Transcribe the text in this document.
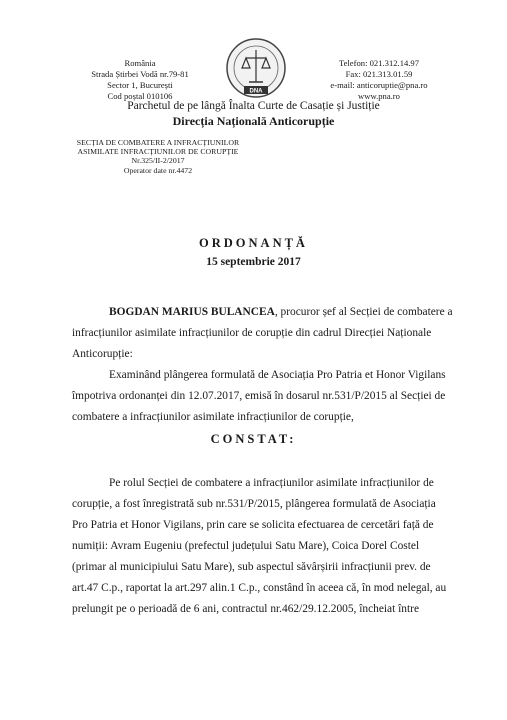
România
Strada Știrbei Vodă nr.79-81
Sector 1, București
Cod poștal 010106	DNA
Telefon: 021.312.14.97
Fax: 021.313.01.59
e-mail: anticoruptie@pna.ro
www.pna.ro
Parchetul de pe lângă Înalta Curte de Casație și Justiție
Direcția Națională Anticorupție
SECȚIA DE COMBATERE A INFRACȚIUNILOR
ASIMILATE INFRACȚIUNILOR DE CORUPȚIE
Nr.325/II-2/2017
Operator date nr.4472
ORDONANȚĂ
15 septembrie 2017
BOGDAN MARIUS BULANCEA, procuror șef al Secției de combatere a
infracțiunilor asimilate infracțiunilor de corupție din cadrul Direcției Naționale
Anticorupție:
Examinând plângerea formulată de Asociația Pro Patria et Honor Vigilans
împotriva ordonanței din 12.07.2017, emisă în dosarul nr.531/P/2015 al Secției de
combatere a infracțiunilor asimilate infracțiunilor de corupție,
CONSTAT:
Pe rolul Secției de combatere a infracțiunilor asimilate infracțiunilor de
corupție, a fost înregistrată sub nr.531/P/2015, plângerea formulată de Asociația
Pro Patria et Honor Vigilans, prin care se solicita efectuarea de cercetări față de
numiții: Avram Eugeniu (prefectul județului Satu Mare), Coica Dorel Costel
(primar al municipiului Satu Mare), sub aspectul săvârșirii infracțiunii prev. de
art.47 C.p., raportat la art.297 alin.1 C.p., constând în aceea că, în mod nelegal, au
prelungit pe o perioadă de 6 ani, contractul nr.462/29.12.2005, încheiat între
